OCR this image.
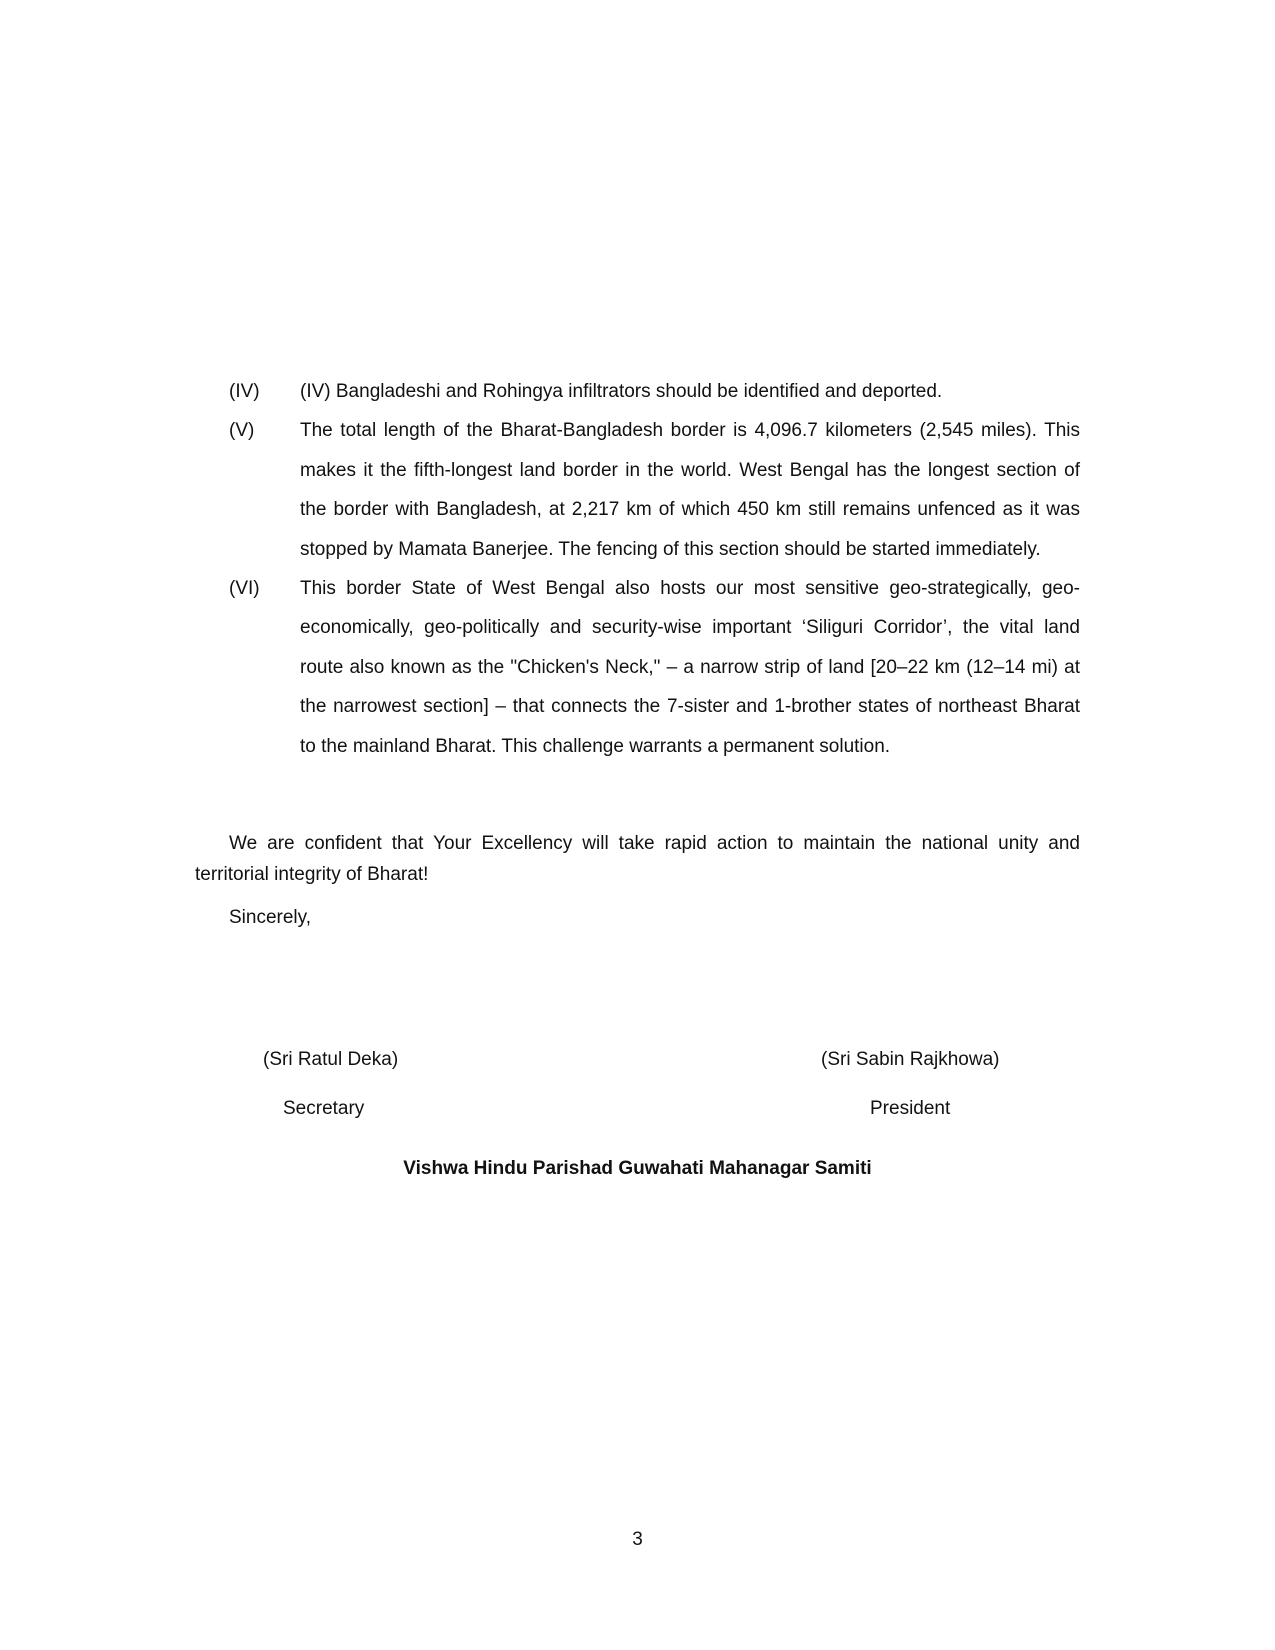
(IV) (IV) Bangladeshi and Rohingya infiltrators should be identified and deported.
(V) The total length of the Bharat-Bangladesh border is 4,096.7 kilometers (2,545 miles). This makes it the fifth-longest land border in the world. West Bengal has the longest section of the border with Bangladesh, at 2,217 km of which 450 km still remains unfenced as it was stopped by Mamata Banerjee. The fencing of this section should be started immediately.
(VI) This border State of West Bengal also hosts our most sensitive geo-strategically, geo-economically, geo-politically and security-wise important ‘Siliguri Corridor’, the vital land route also known as the "Chicken's Neck," – a narrow strip of land [20–22 km (12–14 mi) at the narrowest section] – that connects the 7-sister and 1-brother states of northeast Bharat to the mainland Bharat. This challenge warrants a permanent solution.
We are confident that Your Excellency will take rapid action to maintain the national unity and territorial integrity of Bharat!
Sincerely,
(Sri Ratul Deka)
Secretary
(Sri Sabin Rajkhowa)
President
Vishwa Hindu Parishad Guwahati Mahanagar Samiti
3
